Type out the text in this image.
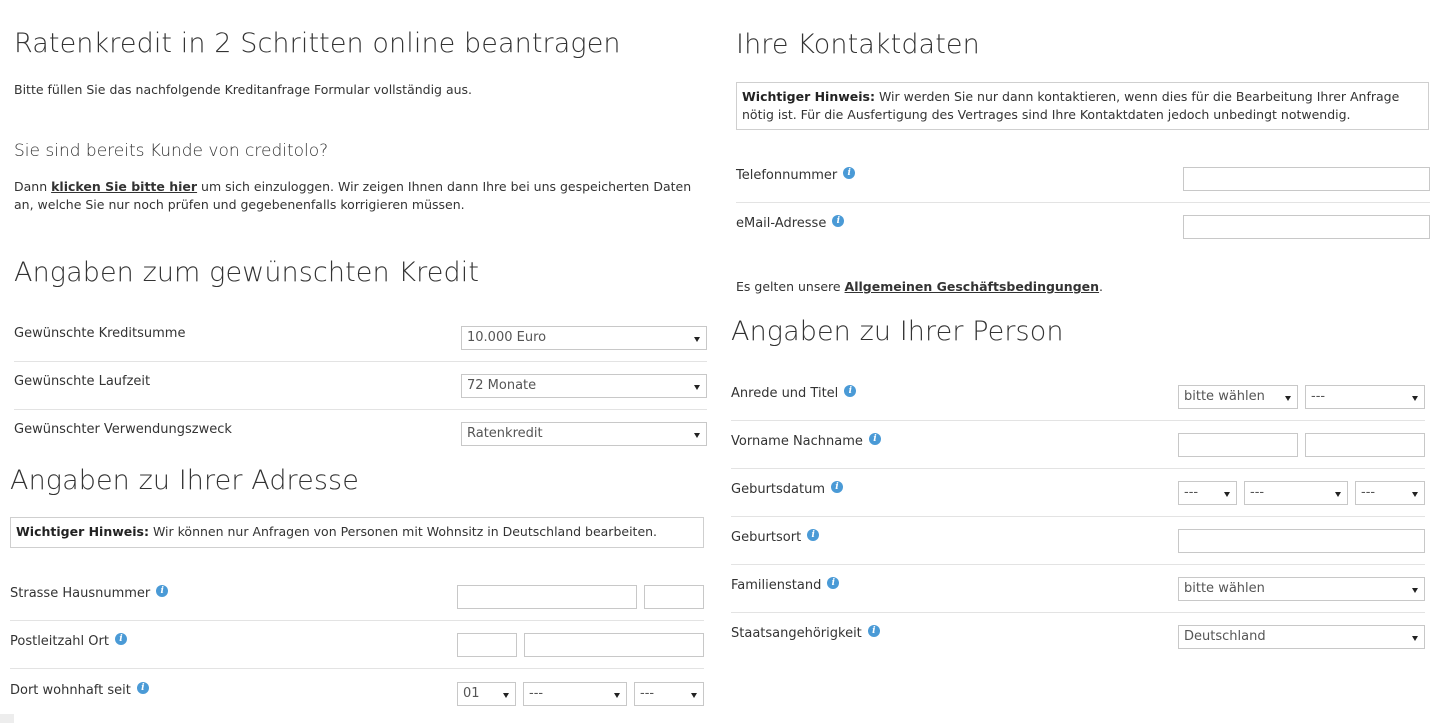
Ratenkredit in 2 Schritten online beantragen
Bitte füllen Sie das nachfolgende Kreditanfrage Formular vollständig aus.
Sie sind bereits Kunde von creditolo?
Dann klicken Sie bitte hier um sich einzuloggen. Wir zeigen Ihnen dann Ihre bei uns gespeicherten Daten an, welche Sie nur noch prüfen und gegebenenfalls korrigieren müssen.
Angaben zum gewünschten Kredit
Gewünschte Kreditsumme	10.000 Euro
Gewünschte Laufzeit	72 Monate
Gewünschter Verwendungszweck	Ratenkredit
Angaben zu Ihrer Adresse
Wichtiger Hinweis: Wir können nur Anfragen von Personen mit Wohnsitz in Deutschland bearbeiten.
Strasse Hausnummer i
Postleitzahl Ort i
Dort wohnhaft seit i	01	---	---
Ihre Kontaktdaten
Wichtiger Hinweis: Wir werden Sie nur dann kontaktieren, wenn dies für die Bearbeitung Ihrer Anfrage nötig ist. Für die Ausfertigung des Vertrages sind Ihre Kontaktdaten jedoch unbedingt notwendig.
Telefonnummer i
eMail-Adresse i
Es gelten unsere Allgemeinen Geschäftsbedingungen.
Angaben zu Ihrer Person
Anrede und Titel i	bitte wählen	---
Vorname Nachname i
Geburtsdatum i	---	---	---
Geburtsort i
Familienstand i	bitte wählen
Staatsangehörigkeit i	Deutschland
